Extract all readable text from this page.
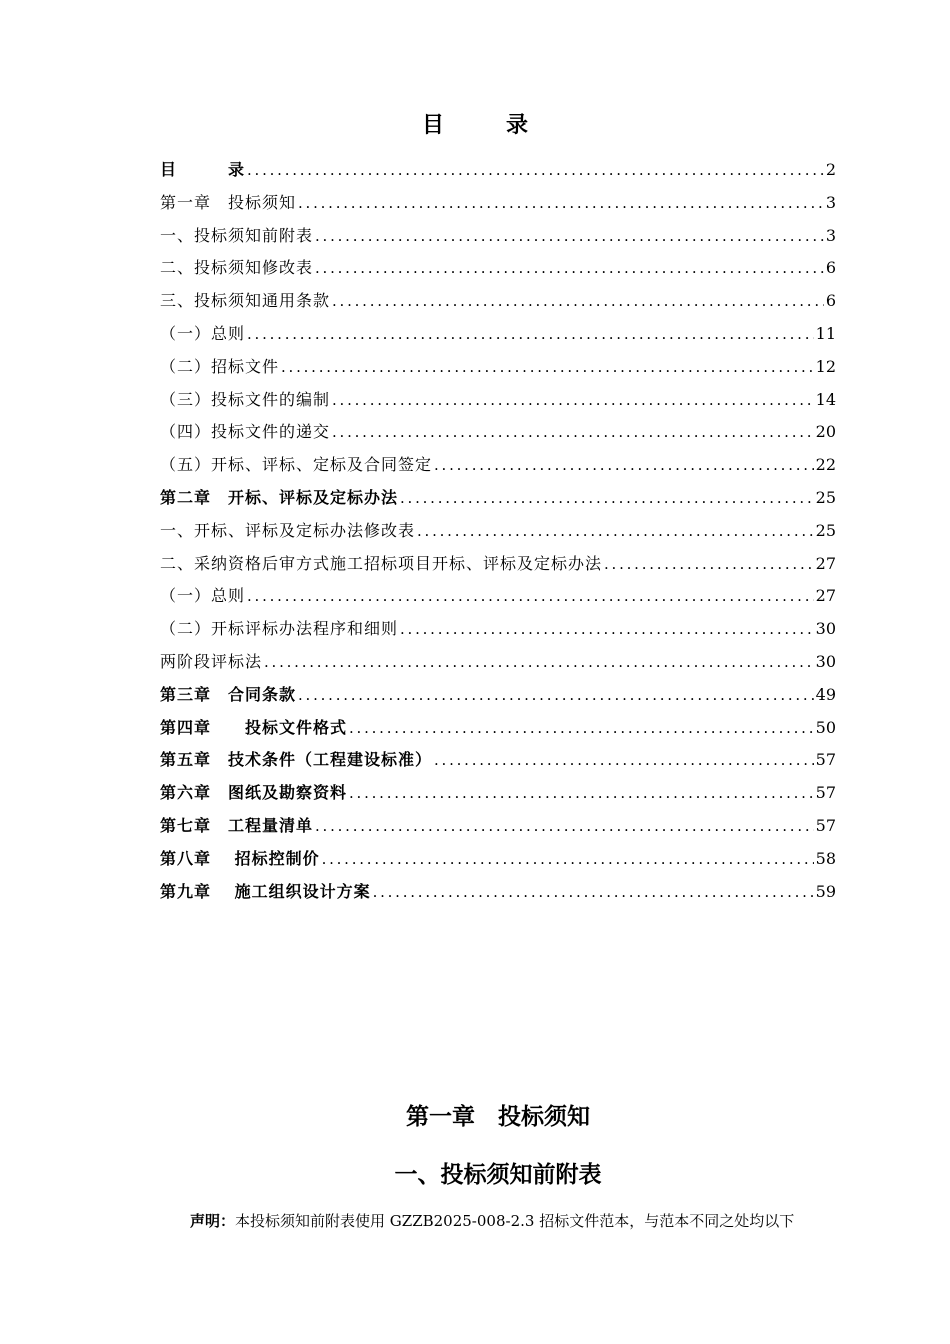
目	录
目　　　录 . . .	2
第一章　投标须知 . . .	3
一、投标须知前附表 . . .	3
二、投标须知修改表 . . .	6
三、投标须知通用条款 . . .	6
（一）总则 . . .	11
（二）招标文件 . . .	12
（三）投标文件的编制 . . .	14
（四）投标文件的递交 . . .	20
（五）开标、评标、定标及合同签定 . . .	22
第二章　开标、评标及定标办法 . . .	25
一、开标、评标及定标办法修改表 . . .	25
二、采纳资格后审方式施工招标项目开标、评标及定标办法 . . .	27
（一）总则 . . .	27
（二）开标评标办法程序和细则 . . .	30
两阶段评标法 . . .	30
第三章　合同条款 . . .	49
第四章　　投标文件格式 . . .	50
第五章　技术条件（工程建设标准） . . .	57
第六章　图纸及勘察资料 . . .	57
第七章　工程量清单 . . .	57
第八章　 招标控制价 . . .	58
第九章　 施工组织设计方案 . . .	59
第一章　投标须知
一、投标须知前附表
声明：本投标须知前附表使用 GZZB2025-008-2.3 招标文件范本，与范本不同之处均以下
